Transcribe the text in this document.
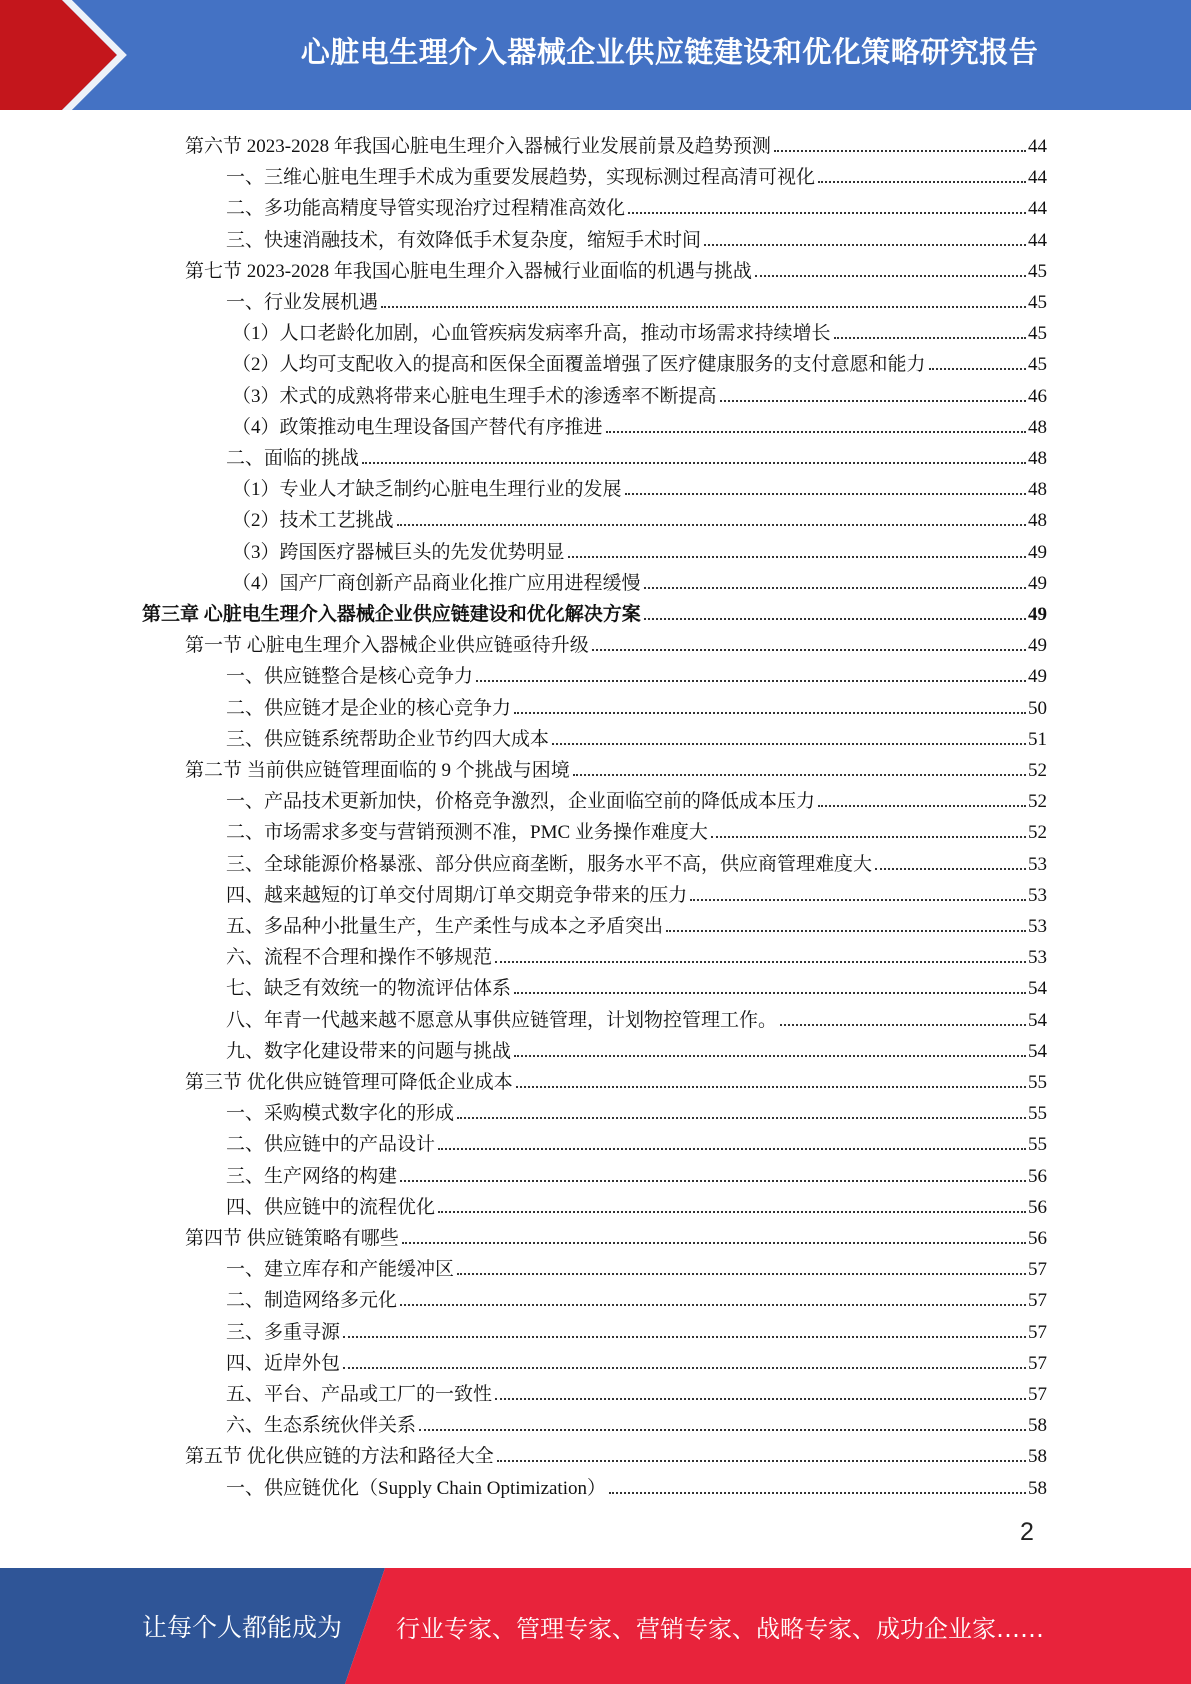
心脏电生理介入器械企业供应链建设和优化策略研究报告
第六节 2023-2028 年我国心脏电生理介入器械行业发展前景及趋势预测	44
一、三维心脏电生理手术成为重要发展趋势，实现标测过程高清可视化	44
二、多功能高精度导管实现治疗过程精准高效化	44
三、快速消融技术，有效降低手术复杂度，缩短手术时间	44
第七节 2023-2028 年我国心脏电生理介入器械行业面临的机遇与挑战	45
一、行业发展机遇	45
（1）人口老龄化加剧，心血管疾病发病率升高，推动市场需求持续增长	45
（2）人均可支配收入的提高和医保全面覆盖增强了医疗健康服务的支付意愿和能力	45
（3）术式的成熟将带来心脏电生理手术的渗透率不断提高	46
（4）政策推动电生理设备国产替代有序推进	48
二、面临的挑战	48
（1）专业人才缺乏制约心脏电生理行业的发展	48
（2）技术工艺挑战	48
（3）跨国医疗器械巨头的先发优势明显	49
（4）国产厂商创新产品商业化推广应用进程缓慢	49
第三章 心脏电生理介入器械企业供应链建设和优化解决方案	49
第一节 心脏电生理介入器械企业供应链亟待升级	49
一、供应链整合是核心竞争力	49
二、供应链才是企业的核心竞争力	50
三、供应链系统帮助企业节约四大成本	51
第二节 当前供应链管理面临的 9 个挑战与困境	52
一、产品技术更新加快，价格竞争激烈，企业面临空前的降低成本压力	52
二、市场需求多变与营销预测不准，PMC 业务操作难度大	52
三、全球能源价格暴涨、部分供应商垄断，服务水平不高，供应商管理难度大	53
四、越来越短的订单交付周期/订单交期竞争带来的压力	53
五、多品种小批量生产，生产柔性与成本之矛盾突出	53
六、流程不合理和操作不够规范	53
七、缺乏有效统一的物流评估体系	54
八、年青一代越来越不愿意从事供应链管理，计划物控管理工作。	54
九、数字化建设带来的问题与挑战	54
第三节 优化供应链管理可降低企业成本	55
一、采购模式数字化的形成	55
二、供应链中的产品设计	55
三、生产网络的构建	56
四、供应链中的流程优化	56
第四节 供应链策略有哪些	56
一、建立库存和产能缓冲区	57
二、制造网络多元化	57
三、多重寻源	57
四、近岸外包	57
五、平台、产品或工厂的一致性	57
六、生态系统伙伴关系	58
第五节 优化供应链的方法和路径大全	58
一、供应链优化（Supply Chain Optimization）	58
2
让每个人都能成为 行业专家、管理专家、营销专家、战略专家、成功企业家……
